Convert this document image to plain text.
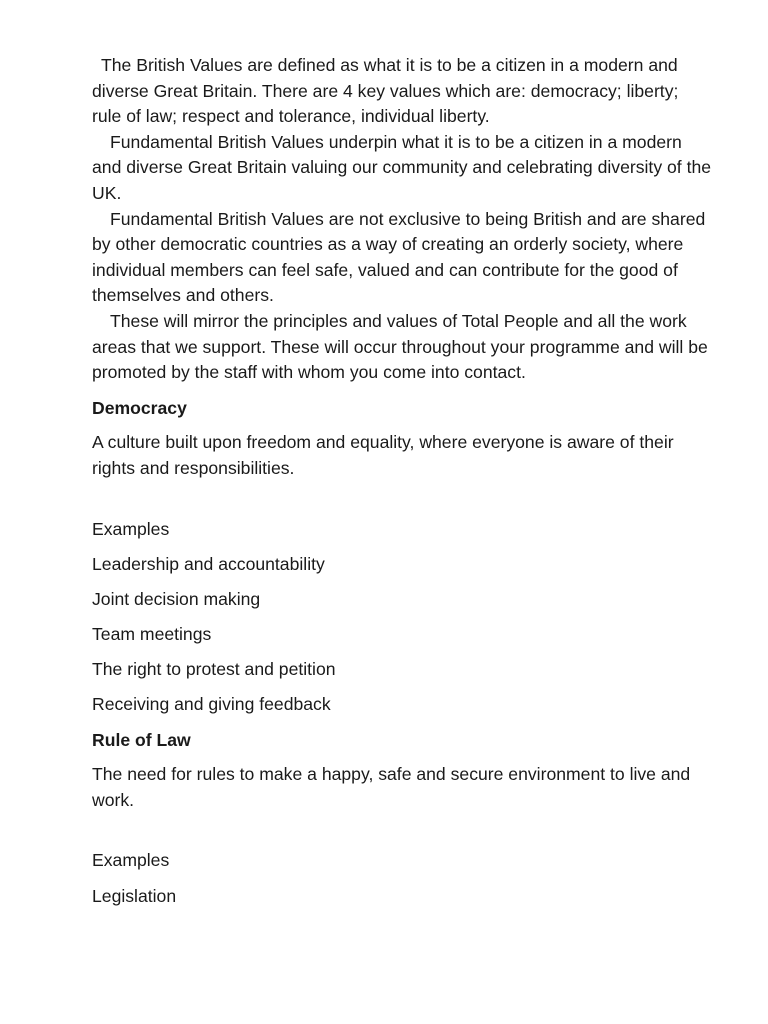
The British Values are defined as what it is to be a citizen in a modern and diverse Great Britain. There are 4 key values which are: democracy; liberty; rule of law; respect and tolerance, individual liberty.
Fundamental British Values underpin what it is to be a citizen in a modern and diverse Great Britain valuing our community and celebrating diversity of the UK.
Fundamental British Values are not exclusive to being British and are shared by other democratic countries as a way of creating an orderly society, where individual members can feel safe, valued and can contribute for the good of themselves and others.
These will mirror the principles and values of Total People and all the work areas that we support. These will occur throughout your programme and will be promoted by the staff with whom you come into contact.

Democracy

A culture built upon freedom and equality, where everyone is aware of their rights and responsibilities.

Examples

Leadership and accountability

Joint decision making

Team meetings

The right to protest and petition

Receiving and giving feedback

Rule of Law

The need for rules to make a happy, safe and secure environment to live and work.

Examples

Legislation
